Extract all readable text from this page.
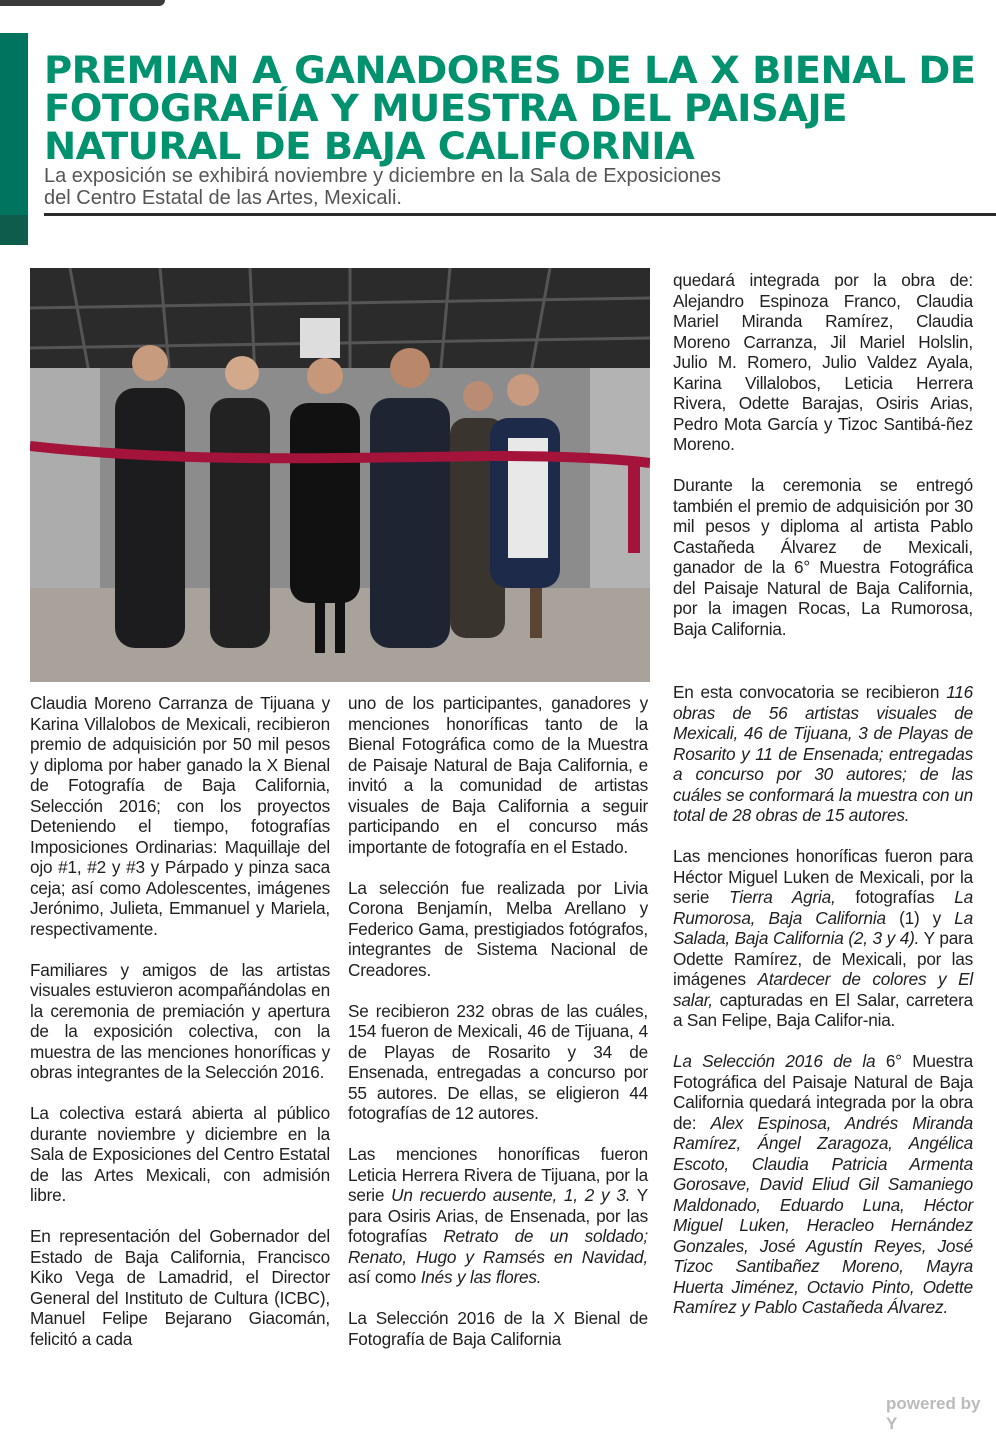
PREMIAN A GANADORES DE LA X BIENAL DE FOTOGRAFÍA Y MUESTRA DEL PAISAJE NATURAL DE BAJA CALIFORNIA

La exposición se exhibirá noviembre y diciembre en la Sala de Exposiciones
del Centro Estatal de las Artes, Mexicali.

Claudia Moreno Carranza de Tijuana y Karina Villalobos de Mexicali, recibieron premio de adquisición por 50 mil pesos y diploma por haber ganado la X Bienal de Fotografía de Baja California, Selección 2016; con los proyectos Deteniendo el tiempo, fotografías Imposiciones Ordinarias: Maquillaje del ojo #1, #2 y #3 y Párpado y pinza saca ceja; así como Adolescentes, imágenes Jerónimo, Julieta, Emmanuel y Mariela, respectivamente.

Familiares y amigos de las artistas visuales estuvieron acompañándolas en la ceremonia de premiación y apertura de la exposición colectiva, con la muestra de las menciones honoríficas y obras integrantes de la Selección 2016.

La colectiva estará abierta al público durante noviembre y diciembre en la Sala de Exposiciones del Centro Estatal de las Artes Mexicali, con admisión libre.

En representación del Gobernador del Estado de Baja California, Francisco Kiko Vega de Lamadrid, el Director General del Instituto de Cultura (ICBC), Manuel Felipe Bejarano Giacomán, felicitó a cada

uno de los participantes, ganadores y menciones honoríficas tanto de la Bienal Fotográfica como de la Muestra de Paisaje Natural de Baja California, e invitó a la comunidad de artistas visuales de Baja California a seguir participando en el concurso más importante de fotografía en el Estado.

La selección fue realizada por Livia Corona Benjamín, Melba Arellano y Federico Gama, prestigiados fotógrafos, integrantes de Sistema Nacional de Creadores.

Se recibieron 232 obras de las cuáles, 154 fueron de Mexicali, 46 de Tijuana, 4 de Playas de Rosarito y 34 de Ensenada, entregadas a concurso por 55 autores. De ellas, se eligieron 44 fotografías de 12 autores.

Las menciones honoríficas fueron Leticia Herrera Rivera de Tijuana, por la serie Un recuerdo ausente, 1, 2 y 3. Y para Osiris Arias, de Ensenada, por las fotografías Retrato de un soldado; Renato, Hugo y Ramsés en Navidad, así como Inés y las flores.

La Selección 2016 de la X Bienal de Fotografía de Baja California

quedará integrada por la obra de: Alejandro Espinoza Franco, Claudia Mariel Miranda Ramírez, Claudia Moreno Carranza, Jil Mariel Holslin, Julio M. Romero, Julio Valdez Ayala, Karina Villalobos, Leticia Herrera Rivera, Odette Barajas, Osiris Arias, Pedro Mota García y Tizoc Santibá-ñez Moreno.

Durante la ceremonia se entregó también el premio de adquisición por 30 mil pesos y diploma al artista Pablo Castañeda Álvarez de Mexicali, ganador de la 6° Muestra Fotográfica del Paisaje Natural de Baja California, por la imagen Rocas, La Rumorosa, Baja California.

En esta convocatoria se recibieron 116 obras de 56 artistas visuales de Mexicali, 46 de Tijuana, 3 de Playas de Rosarito y 11 de Ensenada; entregadas a concurso por 30 autores; de las cuáles se conformará la muestra con un total de 28 obras de 15 autores.

Las menciones honoríficas fueron para Héctor Miguel Luken de Mexicali, por la serie Tierra Agria, fotografías La Rumorosa, Baja California (1) y La Salada, Baja California (2, 3 y 4). Y para Odette Ramírez, de Mexicali, por las imágenes Atardecer de colores y El salar, capturadas en El Salar, carretera a San Felipe, Baja Califor-nia.

La Selección 2016 de la 6° Muestra Fotográfica del Paisaje Natural de Baja California quedará integrada por la obra de: Alex Espinosa, Andrés Miranda Ramírez, Ángel Zaragoza, Angélica Escoto, Claudia Patricia Armenta Gorosave, David Eliud Gil Samaniego Maldonado, Eduardo Luna, Héctor Miguel Luken, Heracleo Hernández Gonzales, José Agustín Reyes, José Tizoc Santibañez Moreno, Mayra Huerta Jiménez, Octavio Pinto, Odette Ramírez y Pablo Castañeda Álvarez.

powered by Y
